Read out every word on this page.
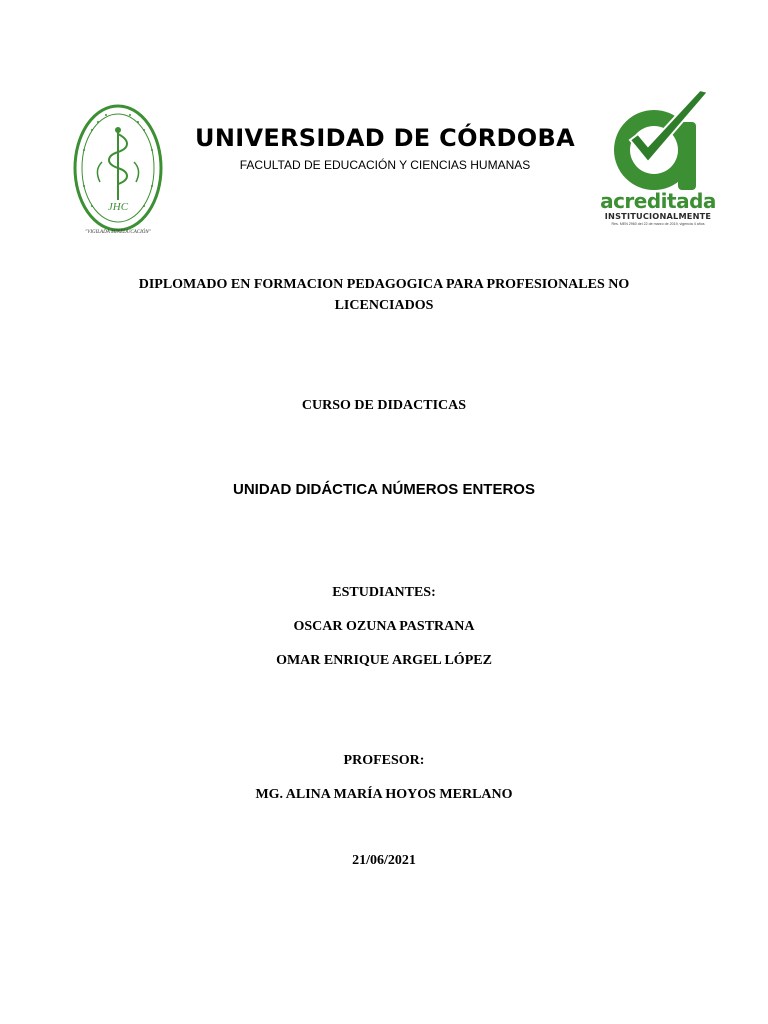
JHC
"VIGILADA MINEDUCACIÓN"
UNIVERSIDAD DE CÓRDOBA
FACULTAD DE EDUCACIÓN Y CIENCIAS HUMANAS
acreditada
INSTITUCIONALMENTE
Res. MEN 2960 del 22 de marzo de 2019, vigencia 4 años
DIPLOMADO EN FORMACION PEDAGOGICA PARA PROFESIONALES NO
LICENCIADOS
CURSO DE DIDACTICAS
UNIDAD DIDÁCTICA NÚMEROS ENTEROS
ESTUDIANTES:
OSCAR OZUNA PASTRANA
OMAR ENRIQUE ARGEL LÓPEZ
PROFESOR:
MG. ALINA MARÍA HOYOS MERLANO
21/06/2021
